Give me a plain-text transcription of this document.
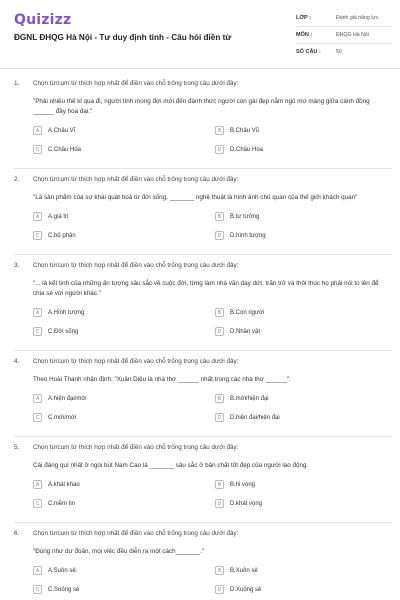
Quizizz
ĐGNL ĐHQG Hà Nội - Tư duy định tính - Câu hỏi điền từ
LỚP :	Đánh giá năng lực
MÔN :	ĐHQG Hà Nội
SỐ CÂU :	50
1.	Chọn từ/cụm từ thích hợp nhất để điền vào chỗ trống trong câu dưới đây:
"Phải nhiều thế kỉ qua đi, người tình mong đợi mới đến đánh thức người con gái đẹp nằm ngủ mơ màng giữa cánh đồng ______ đầy hoa dại."
A	A.Châu Vĩ	B	B.Châu Vũ
C	C.Châu Hóa	D	D.Châu Hoa
2.	Chọn từ/cụm từ thích hợp nhất để điền vào chỗ trống trong câu dưới đây:
"Là sản phẩm của sự khái quát hoá từ đời sống, _______ nghệ thuật là hình ảnh chủ quan của thế giới khách quan"
A	A.giá trị	B	B.tư tưởng
C	C.bộ phận	D	D.hình tượng
3.	Chọn từ/cụm từ thích hợp nhất để điền vào chỗ trống trong câu dưới đây:
"... là kết tinh của những ấn tượng sâu sắc về cuộc đời, từng làm nhà văn day dứt, trăn trở và thôi thúc họ phải nói to lên để chia sẻ với người khác."
A	A.Hình tượng	B	B.Con người
C	C.Đời sống	D	D.Nhân vật
4.	Chọn từ/cụm từ thích hợp nhất để điền vào chỗ trống trong câu dưới đây:
Theo Hoài Thanh nhận định: "Xuân Diệu là nhà thơ ______ nhất trong các nhà thơ ______".
A	A.hiện đại/mới	B	B.mới/hiện đại
C	C.mới/mới	D	D.hiện đại/hiện đại
5.	Chọn từ/cụm từ thích hợp nhất để điền vào chỗ trống trong câu dưới đây:
Cái đáng quí nhất ở ngòi bút Nam Cao là _______ sâu sắc ở bản chất tốt đẹp của người lao động.
A	A.khát khao	B	B.hi vọng
C	C.niềm tin	D	D.khát vọng
6.	Chọn từ/cụm từ thích hợp nhất để điền vào chỗ trống trong câu dưới đây:
"Đúng như dự đoán, mọi việc đều diễn ra một cách_______."
A	A.Suôn sẻ.	B	B.Xuôn sẻ
C	C.Suông sẻ	D	D.Xuông sẻ
